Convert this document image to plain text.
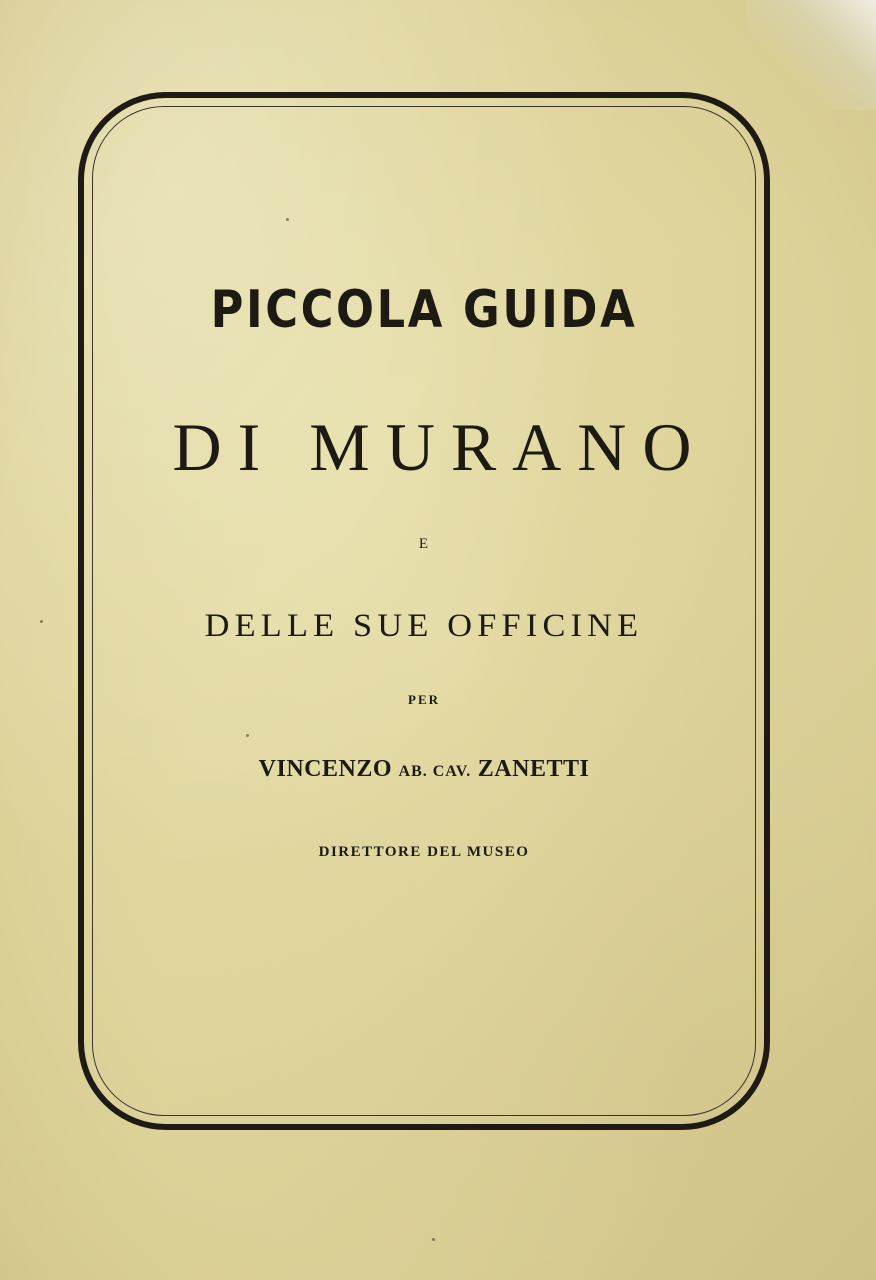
PICCOLA GUIDA
DI MURANO
E
DELLE SUE OFFICINE
PER
VINCENZO AB. CAV. ZANETTI
DIRETTORE DEL MUSEO
